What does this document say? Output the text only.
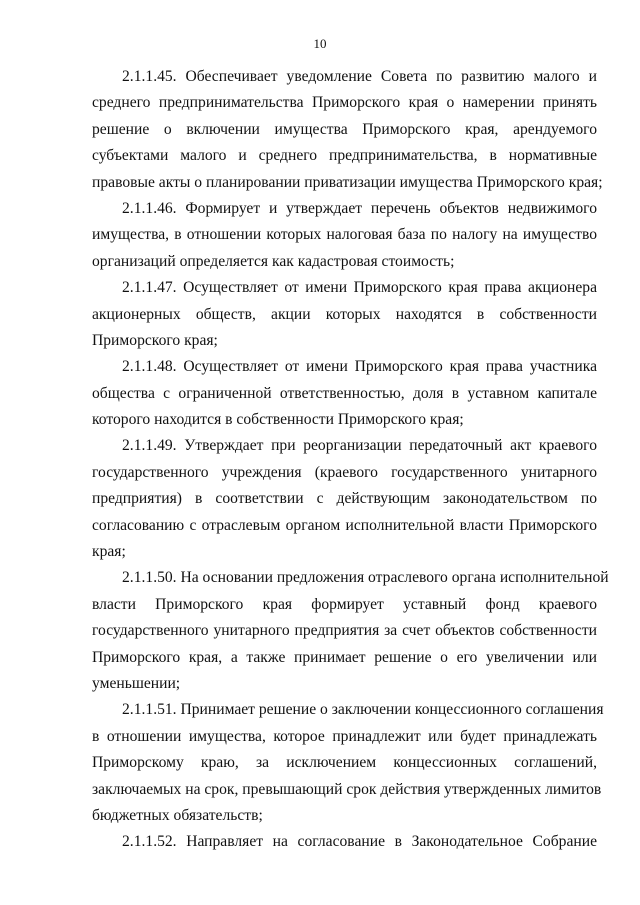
10
2.1.1.45. Обеспечивает уведомление Совета по развитию малого и
среднего предпринимательства Приморского края о намерении принять
решение о включении имущества Приморского края, арендуемого
субъектами малого и среднего предпринимательства, в нормативные
правовые акты о планировании приватизации имущества Приморского края;
2.1.1.46. Формирует и утверждает перечень объектов недвижимого
имущества, в отношении которых налоговая база по налогу на имущество
организаций определяется как кадастровая стоимость;
2.1.1.47. Осуществляет от имени Приморского края права акционера
акционерных обществ, акции которых находятся в собственности
Приморского края;
2.1.1.48. Осуществляет от имени Приморского края права участника
общества с ограниченной ответственностью, доля в уставном капитале
которого находится в собственности Приморского края;
2.1.1.49. Утверждает при реорганизации передаточный акт краевого
государственного учреждения (краевого государственного унитарного
предприятия) в соответствии с действующим законодательством по
согласованию с отраслевым органом исполнительной власти Приморского
края;
2.1.1.50. На основании предложения отраслевого органа исполнительной
власти Приморского края формирует уставный фонд краевого
государственного унитарного предприятия за счет объектов собственности
Приморского края, а также принимает решение о его увеличении или
уменьшении;
2.1.1.51. Принимает решение о заключении концессионного соглашения
в отношении имущества, которое принадлежит или будет принадлежать
Приморскому краю, за исключением концессионных соглашений,
заключаемых на срок, превышающий срок действия утвержденных лимитов
бюджетных обязательств;
2.1.1.52. Направляет на согласование в Законодательное Собрание
